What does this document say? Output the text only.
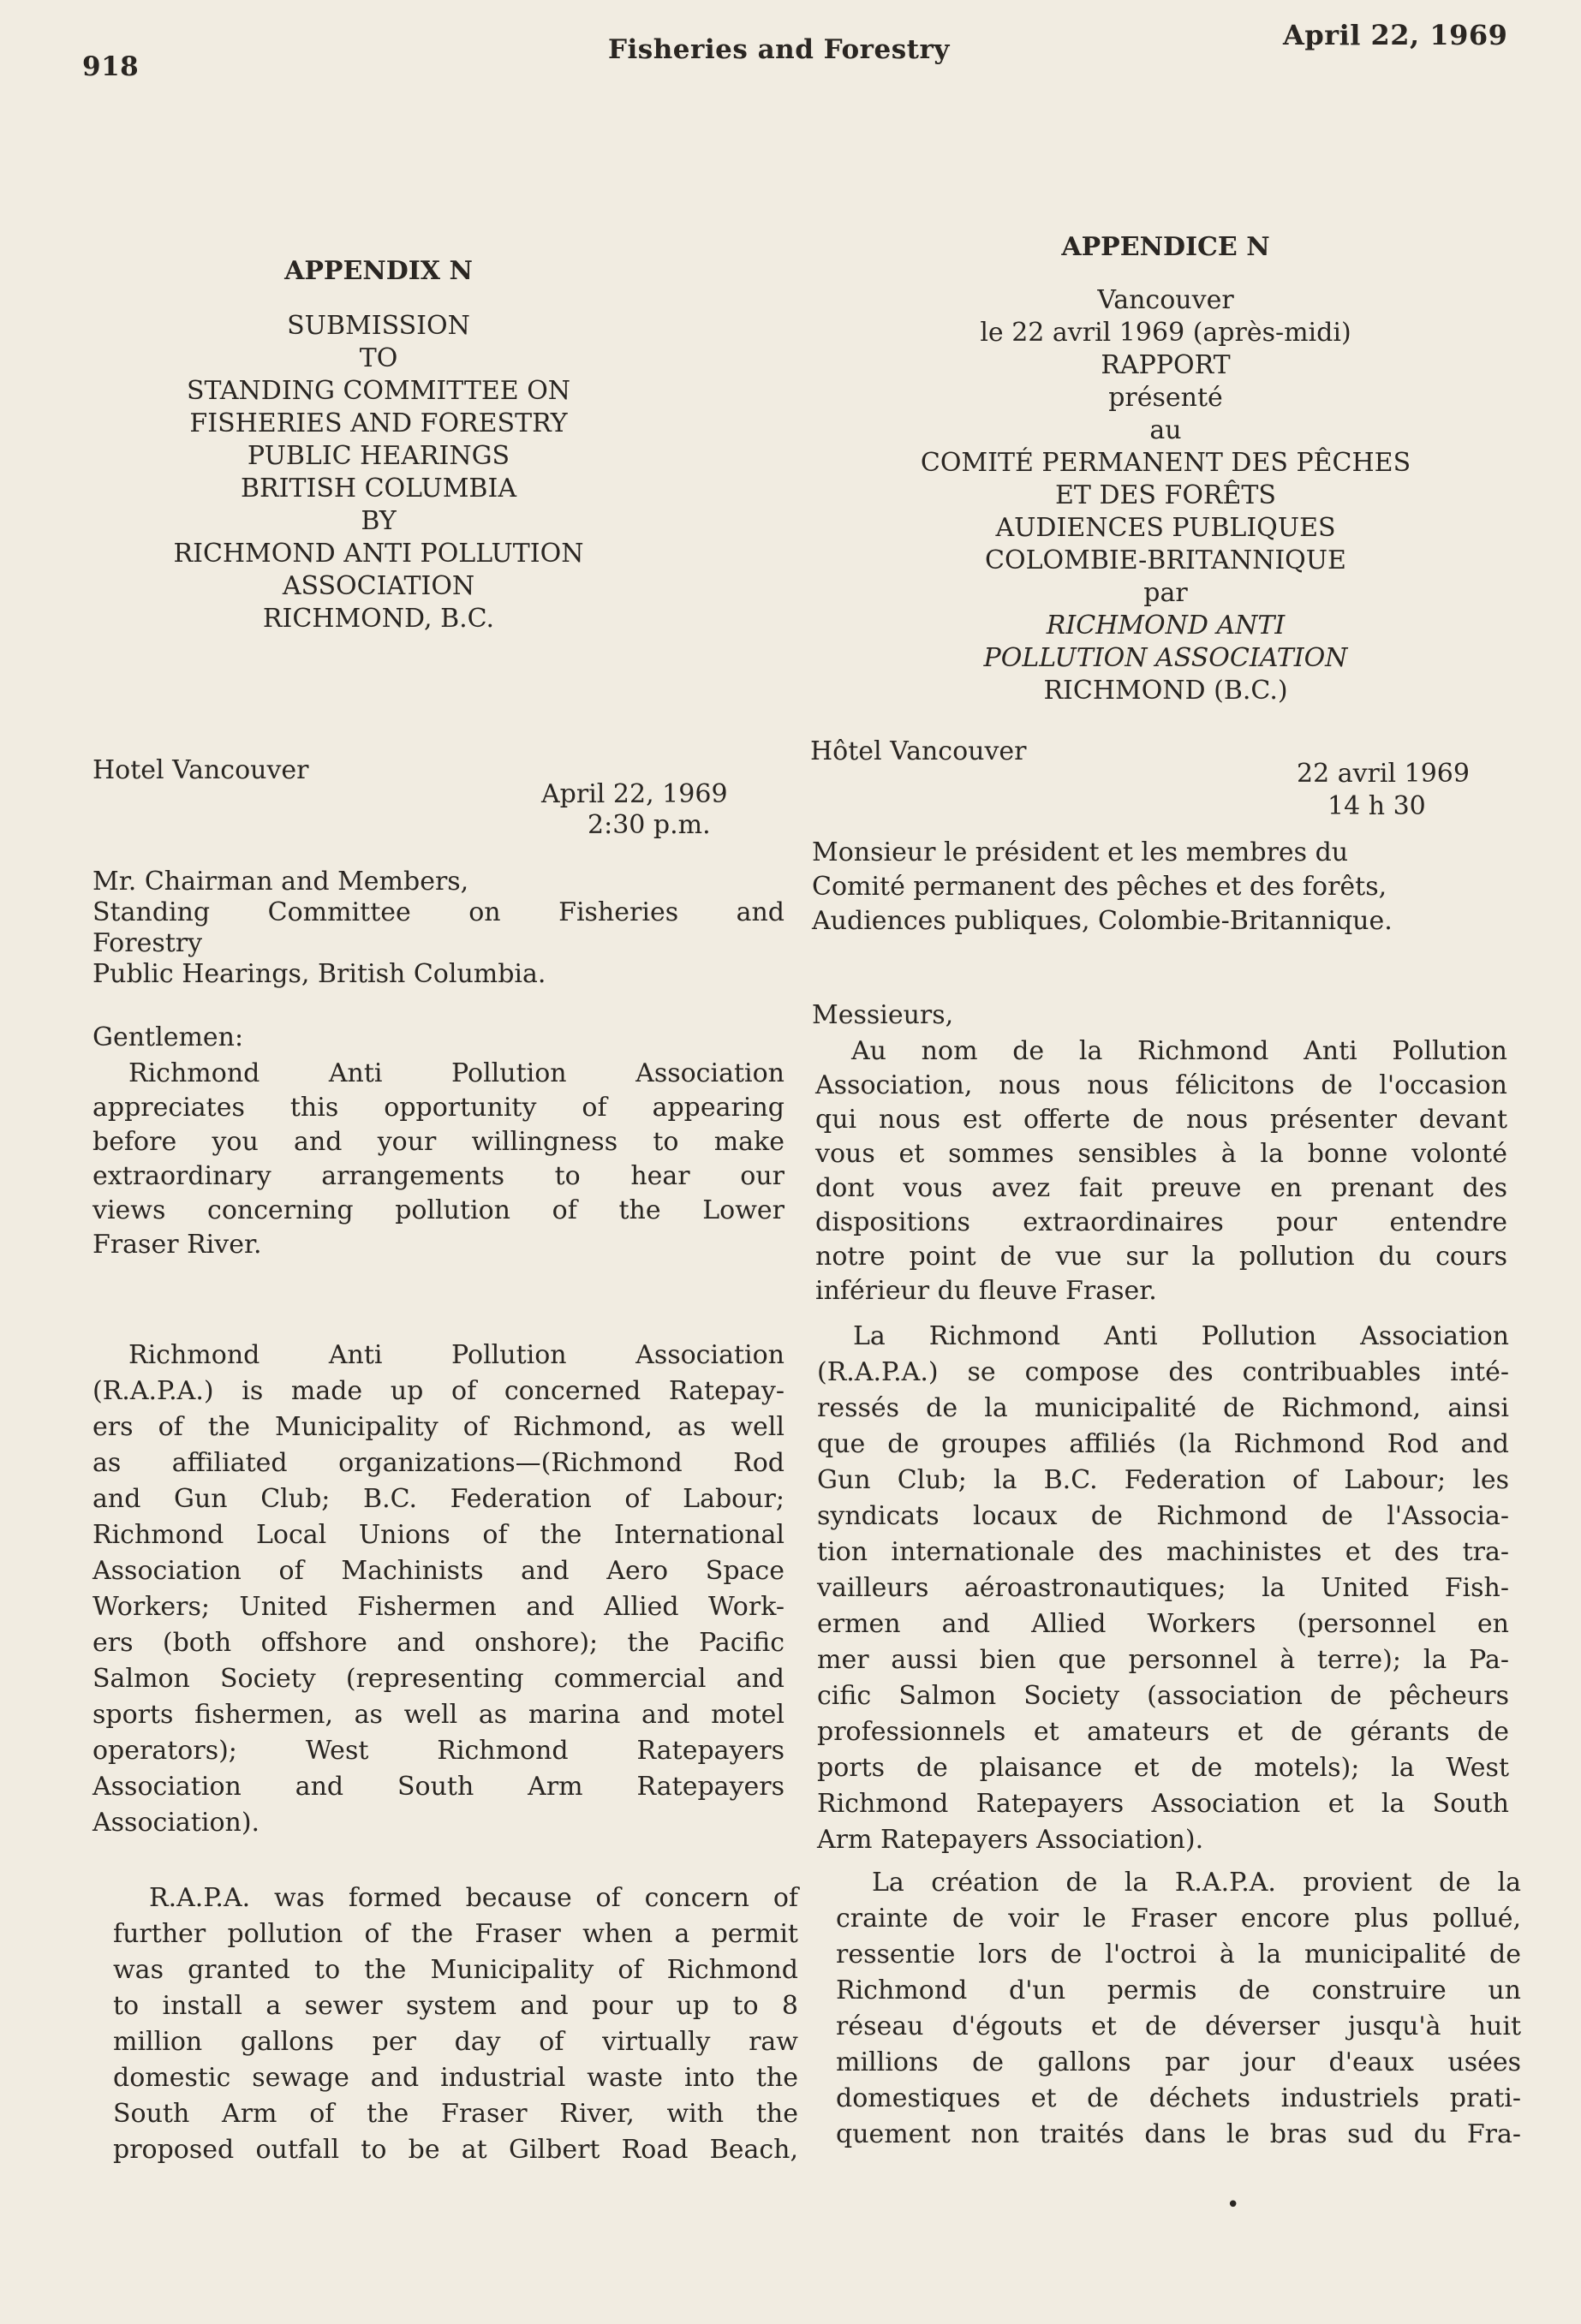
918
Fisheries and Forestry	April 22, 1969
APPENDIX N
SUBMISSION
TO
STANDING COMMITTEE ON
FISHERIES AND FORESTRY
PUBLIC HEARINGS
BRITISH COLUMBIA
BY
RICHMOND ANTI POLLUTION
ASSOCIATION
RICHMOND, B.C.
Hotel Vancouver
April 22, 1969
2:30 p.m.
Mr. Chairman and Members,
Standing Committee on Fisheries and
Forestry
Public Hearings, British Columbia.
Gentlemen:
Richmond Anti Pollution Association
appreciates this opportunity of appearing
before you and your willingness to make
extraordinary arrangements to hear our
views concerning pollution of the Lower
Fraser River.
Richmond Anti Pollution Association
(R.A.P.A.) is made up of concerned Ratepay-
ers of the Municipality of Richmond, as well
as affiliated organizations—(Richmond Rod
and Gun Club; B.C. Federation of Labour;
Richmond Local Unions of the International
Association of Machinists and Aero Space
Workers; United Fishermen and Allied Work-
ers (both offshore and onshore); the Pacific
Salmon Society (representing commercial and
sports fishermen, as well as marina and motel
operators); West Richmond Ratepayers
Association and South Arm Ratepayers
Association).
R.A.P.A. was formed because of concern of
further pollution of the Fraser when a permit
was granted to the Municipality of Richmond
to install a sewer system and pour up to 8
million gallons per day of virtually raw
domestic sewage and industrial waste into the
South Arm of the Fraser River, with the
proposed outfall to be at Gilbert Road Beach,
APPENDICE N
Vancouver
le 22 avril 1969 (après-midi)
RAPPORT
présenté
au
COMITÉ PERMANENT DES PÊCHES
ET DES FORÊTS
AUDIENCES PUBLIQUES
COLOMBIE-BRITANNIQUE
par
RICHMOND ANTI
POLLUTION ASSOCIATION
RICHMOND (B.C.)
Hôtel Vancouver
22 avril 1969
14 h 30
Monsieur le président et les membres du
Comité permanent des pêches et des forêts,
Audiences publiques, Colombie-Britannique.
Messieurs,
Au nom de la Richmond Anti Pollution
Association, nous nous félicitons de l'occasion
qui nous est offerte de nous présenter devant
vous et sommes sensibles à la bonne volonté
dont vous avez fait preuve en prenant des
dispositions extraordinaires pour entendre
notre point de vue sur la pollution du cours
inférieur du fleuve Fraser.
La Richmond Anti Pollution Association
(R.A.P.A.) se compose des contribuables inté-
ressés de la municipalité de Richmond, ainsi
que de groupes affiliés (la Richmond Rod and
Gun Club; la B.C. Federation of Labour; les
syndicats locaux de Richmond de l'Associa-
tion internationale des machinistes et des tra-
vailleurs aéroastronautiques; la United Fish-
ermen and Allied Workers (personnel en
mer aussi bien que personnel à terre); la Pa-
cific Salmon Society (association de pêcheurs
professionnels et amateurs et de gérants de
ports de plaisance et de motels); la West
Richmond Ratepayers Association et la South
Arm Ratepayers Association).
La création de la R.A.P.A. provient de la
crainte de voir le Fraser encore plus pollué,
ressentie lors de l'octroi à la municipalité de
Richmond d'un permis de construire un
réseau d'égouts et de déverser jusqu'à huit
millions de gallons par jour d'eaux usées
domestiques et de déchets industriels prati-
quement non traités dans le bras sud du Fra-
•
